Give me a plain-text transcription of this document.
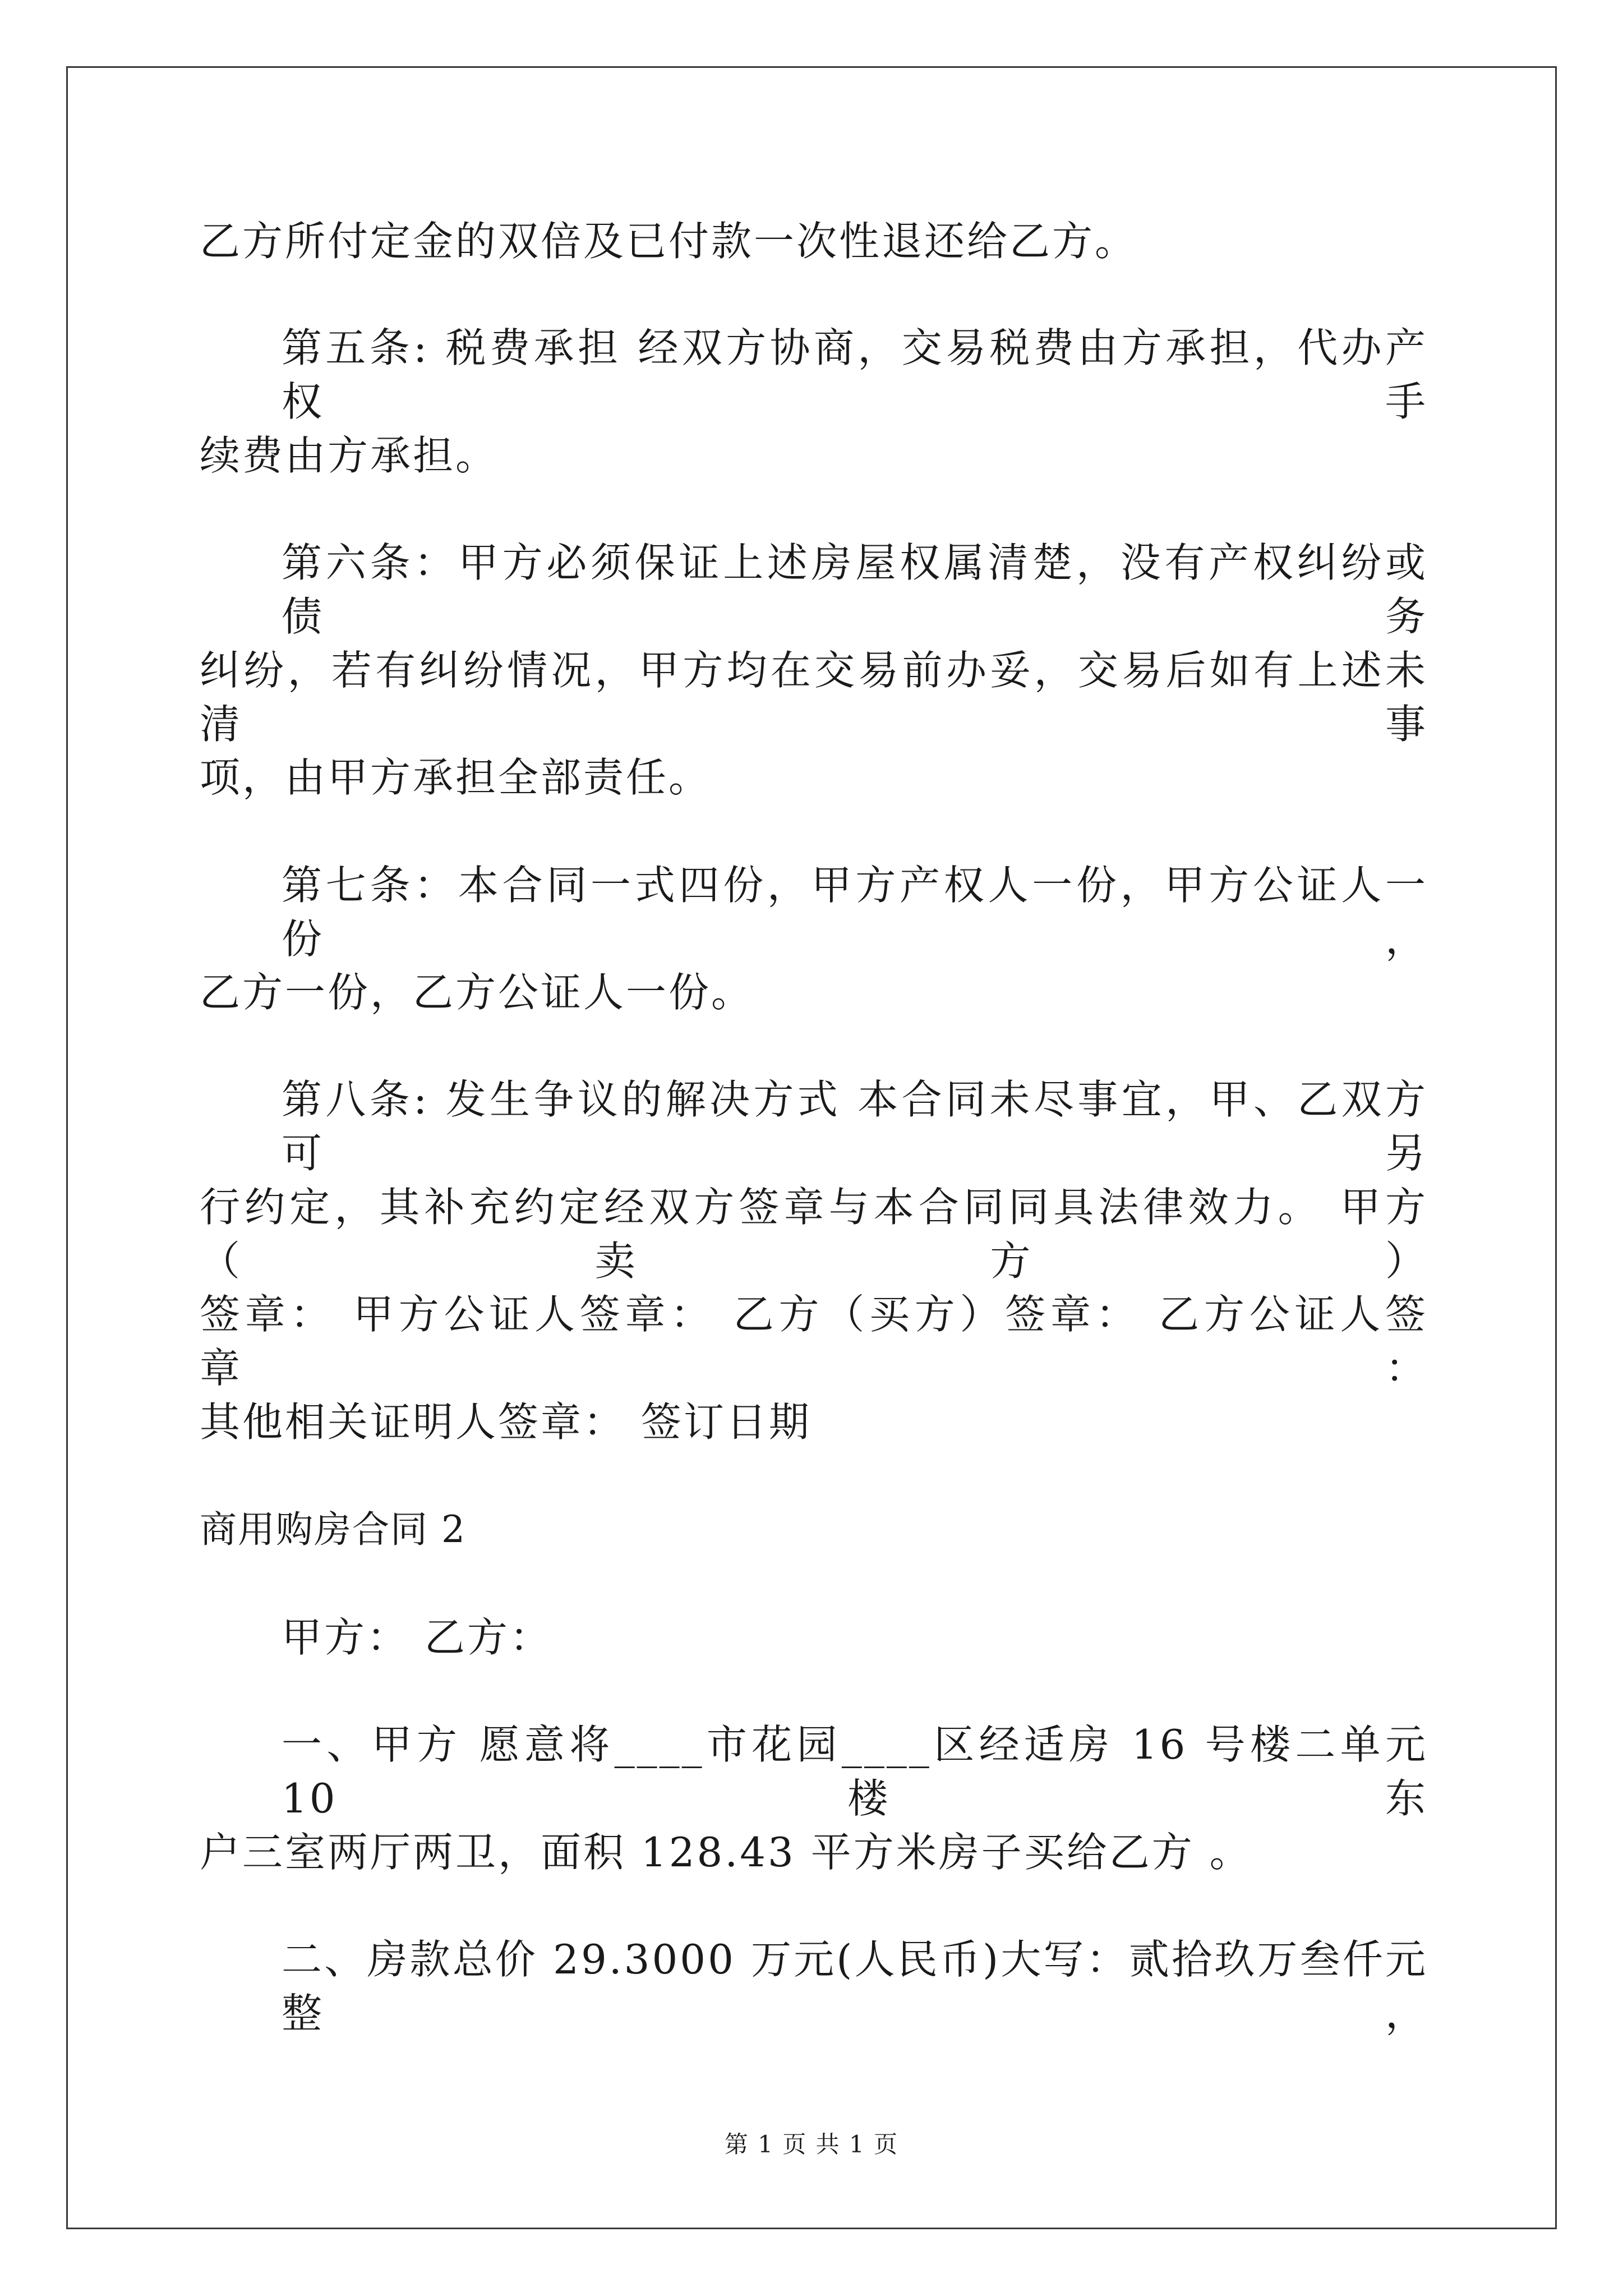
乙方所付定金的双倍及已付款一次性退还给乙方。
第五条: 税费承担 经双方协商，交易税费由方承担，代办产权手
续费由方承担。
第六条：甲方必须保证上述房屋权属清楚，没有产权纠纷或债务
纠纷，若有纠纷情况，甲方均在交易前办妥，交易后如有上述未清事
项，由甲方承担全部责任。
第七条：本合同一式四份，甲方产权人一份，甲方公证人一份，
乙方一份，乙方公证人一份。
第八条: 发生争议的解决方式 本合同未尽事宜，甲、乙双方可另
行约定，其补充约定经双方签章与本合同同具法律效力。 甲方（卖方）
签章： 甲方公证人签章： 乙方（买方）签章： 乙方公证人签章：
其他相关证明人签章： 签订日期
商用购房合同 2
甲方： 乙方：
一、甲方 愿意将____市花园____区经适房 16 号楼二单元 10 楼东
户三室两厅两卫，面积 128.43 平方米房子买给乙方 。
二、房款总价 29.3000 万元(人民币)大写：贰拾玖万叁仟元整，
第 1 页 共 1 页
